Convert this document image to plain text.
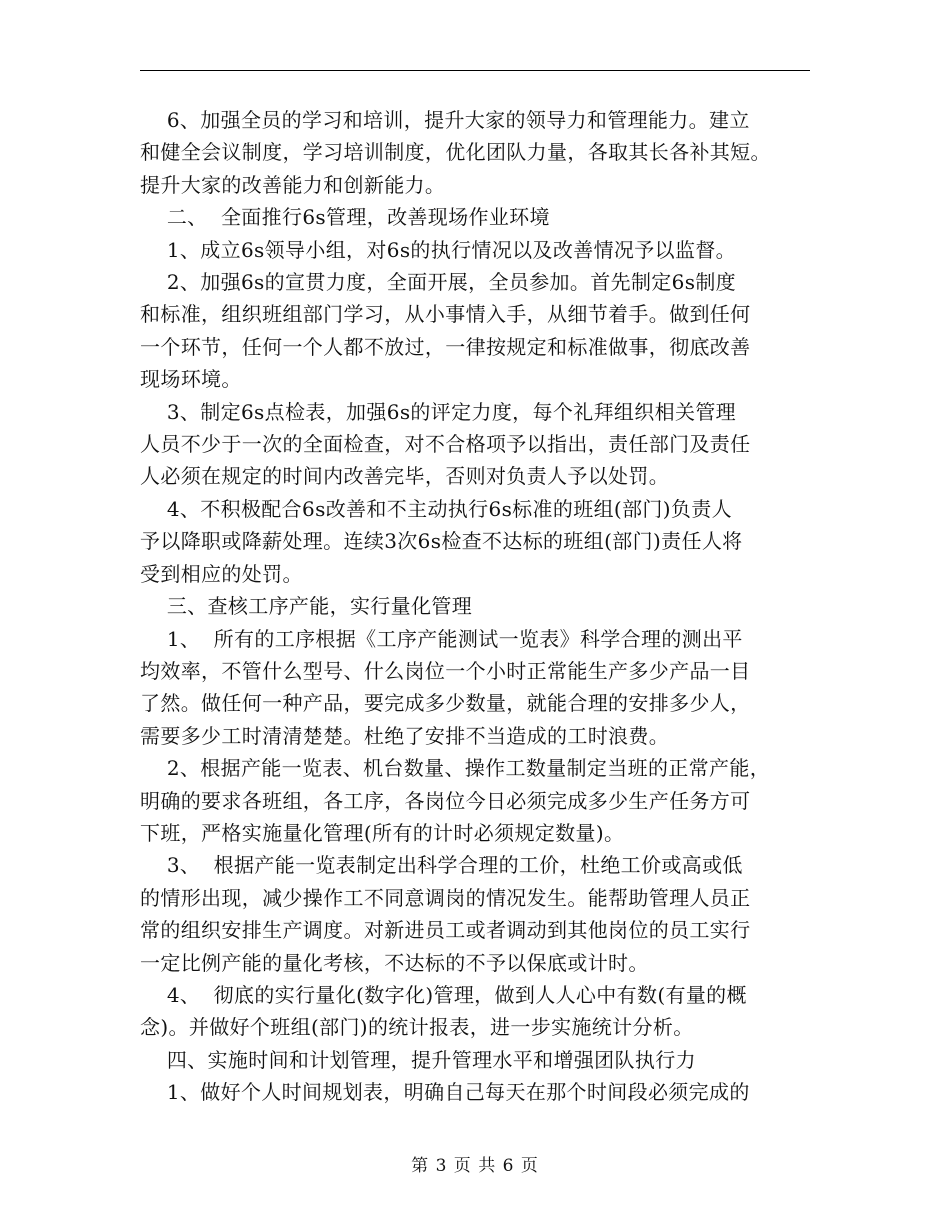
6、加强全员的学习和培训，提升大家的领导力和管理能力。建立
和健全会议制度，学习培训制度，优化团队力量，各取其长各补其短。
提升大家的改善能力和创新能力。

二、  全面推行6s管理，改善现场作业环境

1、成立6s领导小组，对6s的执行情况以及改善情况予以监督。

2、加强6s的宣贯力度，全面开展，全员参加。首先制定6s制度
和标准，组织班组部门学习，从小事情入手，从细节着手。做到任何
一个环节，任何一个人都不放过，一律按规定和标准做事，彻底改善
现场环境。

3、制定6s点检表，加强6s的评定力度，每个礼拜组织相关管理
人员不少于一次的全面检查，对不合格项予以指出，责任部门及责任
人必须在规定的时间内改善完毕，否则对负责人予以处罚。

4、不积极配合6s改善和不主动执行6s标准的班组(部门)负责人
予以降职或降薪处理。连续3次6s检查不达标的班组(部门)责任人将
受到相应的处罚。

三、查核工序产能，实行量化管理

1、  所有的工序根据《工序产能测试一览表》科学合理的测出平
均效率，不管什么型号、什么岗位一个小时正常能生产多少产品一目
了然。做任何一种产品，要完成多少数量，就能合理的安排多少人，
需要多少工时清清楚楚。杜绝了安排不当造成的工时浪费。

2、根据产能一览表、机台数量、操作工数量制定当班的正常产能，
明确的要求各班组，各工序，各岗位今日必须完成多少生产任务方可
下班，严格实施量化管理(所有的计时必须规定数量)。

3、  根据产能一览表制定出科学合理的工价，杜绝工价或高或低
的情形出现，减少操作工不同意调岗的情况发生。能帮助管理人员正
常的组织安排生产调度。对新进员工或者调动到其他岗位的员工实行
一定比例产能的量化考核，不达标的不予以保底或计时。

4、  彻底的实行量化(数字化)管理，做到人人心中有数(有量的概
念)。并做好个班组(部门)的统计报表，进一步实施统计分析。

四、实施时间和计划管理，提升管理水平和增强团队执行力

1、做好个人时间规划表，明确自己每天在那个时间段必须完成的

第 3 页 共 6 页
